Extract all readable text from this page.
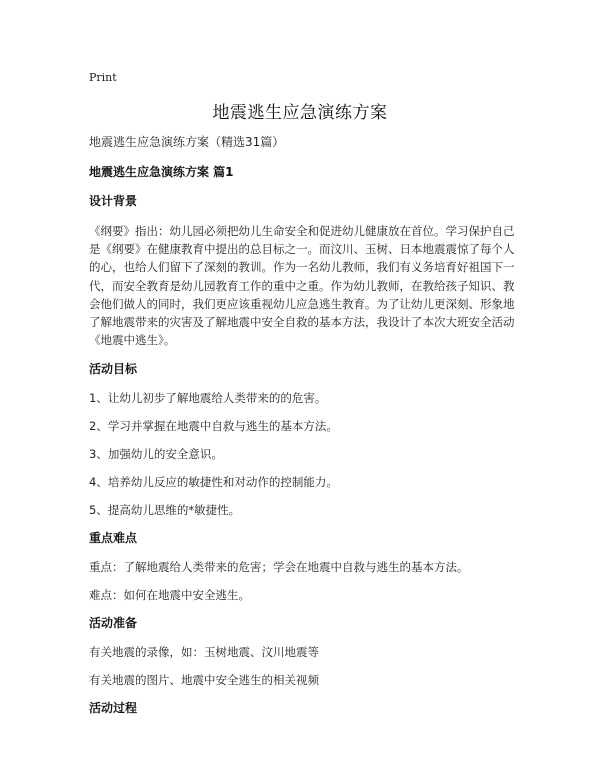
Print
地震逃生应急演练方案

地震逃生应急演练方案（精选31篇）

地震逃生应急演练方案 篇1

设计背景

《纲要》指出：幼儿园必须把幼儿生命安全和促进幼儿健康放在首位。学习保护自己是《纲要》在健康教育中提出的总目标之一。而汶川、玉树、日本地震震惊了每个人的心，也给人们留下了深刻的教训。作为一名幼儿教师，我们有义务培育好祖国下一代，而安全教育是幼儿园教育工作的重中之重。作为幼儿教师，在教给孩子知识、教会他们做人的同时，我们更应该重视幼儿应急逃生教育。为了让幼儿更深刻、形象地了解地震带来的灾害及了解地震中安全自救的基本方法，我设计了本次大班安全活动《地震中逃生》。

活动目标

1、让幼儿初步了解地震给人类带来的的危害。

2、学习并掌握在地震中自救与逃生的基本方法。

3、加强幼儿的安全意识。

4、培养幼儿反应的敏捷性和对动作的控制能力。

5、提高幼儿思维的*敏捷性。

重点难点

重点：了解地震给人类带来的危害；学会在地震中自救与逃生的基本方法。

难点：如何在地震中安全逃生。

活动准备

有关地震的录像，如：玉树地震、汶川地震等

有关地震的图片、地震中安全逃生的相关视频

活动过程
